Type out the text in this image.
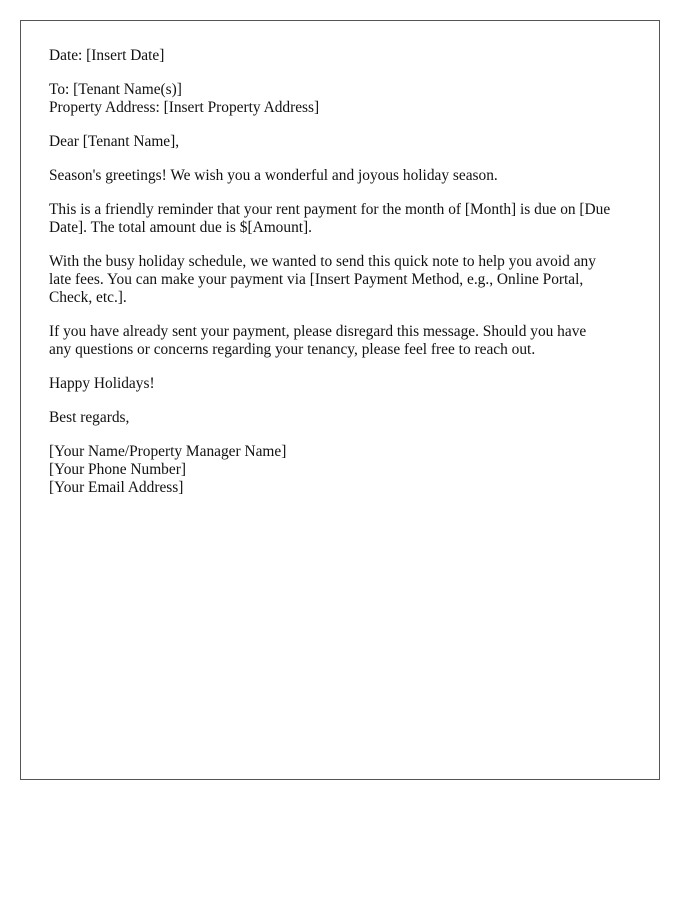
Date: [Insert Date]

To: [Tenant Name(s)]
Property Address: [Insert Property Address]

Dear [Tenant Name],

Season's greetings! We wish you a wonderful and joyous holiday season.

This is a friendly reminder that your rent payment for the month of [Month] is due on [Due
Date]. The total amount due is $[Amount].

With the busy holiday schedule, we wanted to send this quick note to help you avoid any
late fees. You can make your payment via [Insert Payment Method, e.g., Online Portal,
Check, etc.].

If you have already sent your payment, please disregard this message. Should you have
any questions or concerns regarding your tenancy, please feel free to reach out.

Happy Holidays!

Best regards,

[Your Name/Property Manager Name]
[Your Phone Number]
[Your Email Address]
